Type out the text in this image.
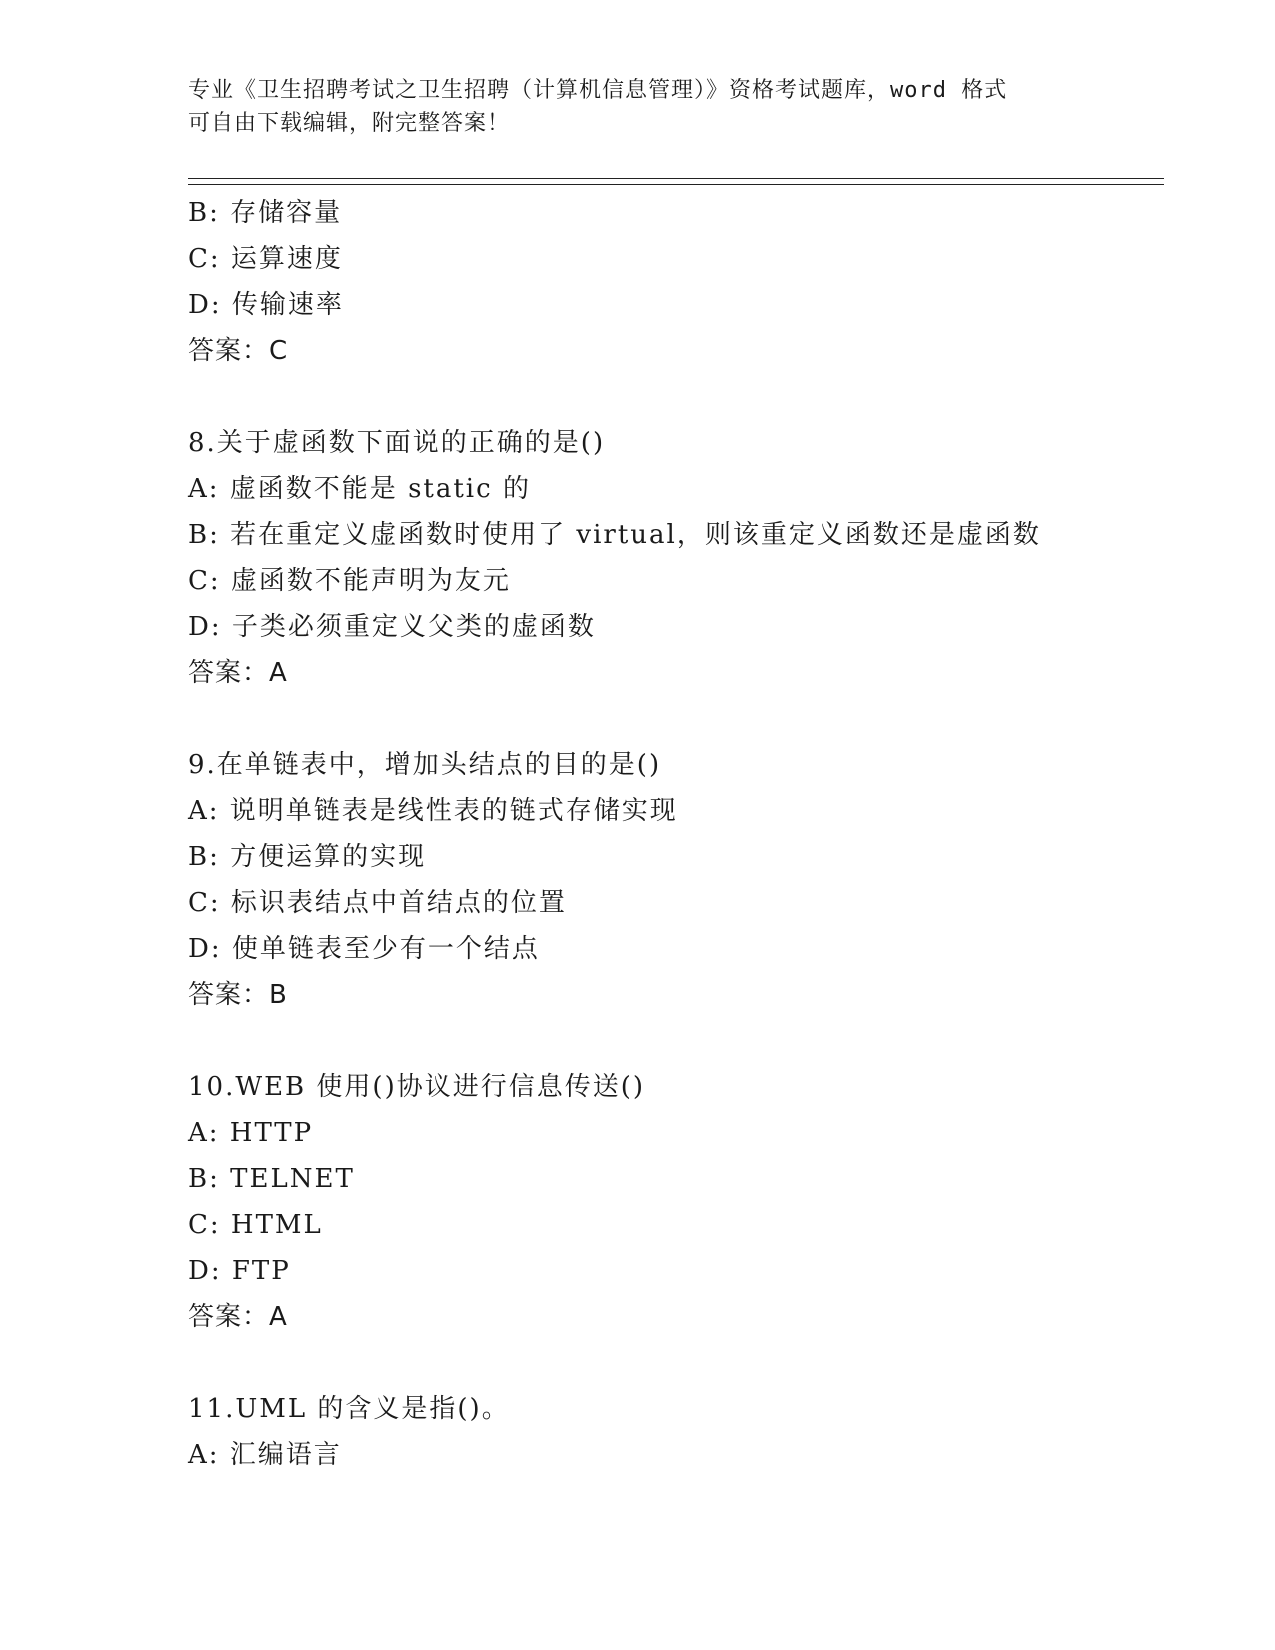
专业《卫生招聘考试之卫生招聘（计算机信息管理）》资格考试题库，word 格式
可自由下载编辑，附完整答案！
B: 存储容量
C: 运算速度
D: 传输速率
答案：C
8.关于虚函数下面说的正确的是()
A: 虚函数不能是 static 的
B: 若在重定义虚函数时使用了 virtual，则该重定义函数还是虚函数
C: 虚函数不能声明为友元
D: 子类必须重定义父类的虚函数
答案：A
9.在单链表中，增加头结点的目的是()
A: 说明单链表是线性表的链式存储实现
B: 方便运算的实现
C: 标识表结点中首结点的位置
D: 使单链表至少有一个结点
答案：B
10.WEB 使用()协议进行信息传送()
A: HTTP
B: TELNET
C: HTML
D: FTP
答案：A
11.UML 的含义是指()。
A: 汇编语言
